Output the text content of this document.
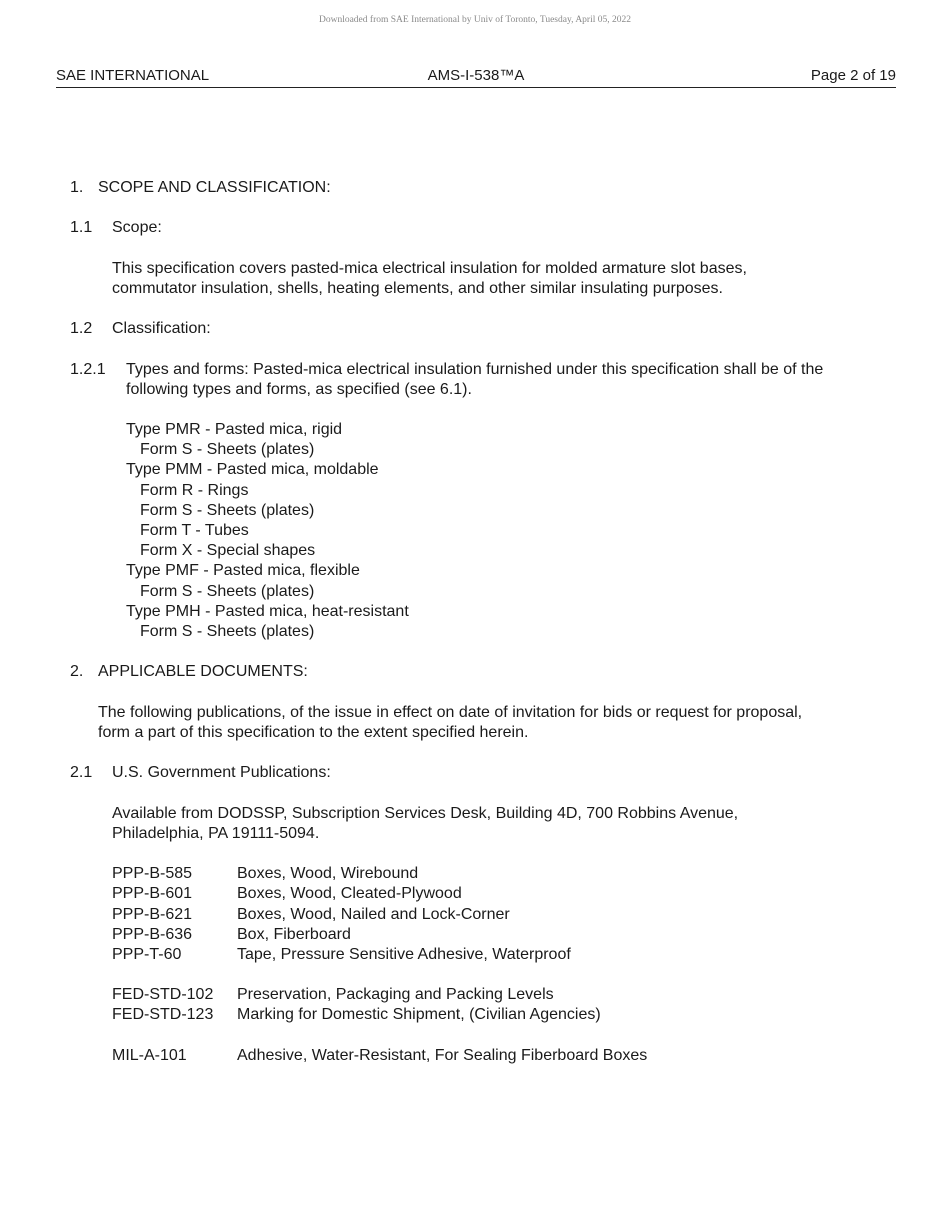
Downloaded from SAE International by Univ of Toronto, Tuesday, April 05, 2022
SAE INTERNATIONAL	AMS-I-538™A	Page 2 of 19
1. SCOPE AND CLASSIFICATION:
1.1 Scope:
This specification covers pasted-mica electrical insulation for molded armature slot bases,
commutator insulation, shells, heating elements, and other similar insulating purposes.
1.2 Classification:
1.2.1 Types and forms: Pasted-mica electrical insulation furnished under this specification shall be of the
following types and forms, as specified (see 6.1).
Type PMR - Pasted mica, rigid
Form S - Sheets (plates)
Type PMM - Pasted mica, moldable
Form R - Rings
Form S - Sheets (plates)
Form T - Tubes
Form X - Special shapes
Type PMF - Pasted mica, flexible
Form S - Sheets (plates)
Type PMH - Pasted mica, heat-resistant
Form S - Sheets (plates)
2. APPLICABLE DOCUMENTS:
The following publications, of the issue in effect on date of invitation for bids or request for proposal,
form a part of this specification to the extent specified herein.
2.1 U.S. Government Publications:
Available from DODSSP, Subscription Services Desk, Building 4D, 700 Robbins Avenue,
Philadelphia, PA 19111-5094.
PPP-B-585	Boxes, Wood, Wirebound
PPP-B-601	Boxes, Wood, Cleated-Plywood
PPP-B-621	Boxes, Wood, Nailed and Lock-Corner
PPP-B-636	Box, Fiberboard
PPP-T-60	Tape, Pressure Sensitive Adhesive, Waterproof
FED-STD-102 Preservation, Packaging and Packing Levels
FED-STD-123 Marking for Domestic Shipment, (Civilian Agencies)
MIL-A-101	Adhesive, Water-Resistant, For Sealing Fiberboard Boxes
